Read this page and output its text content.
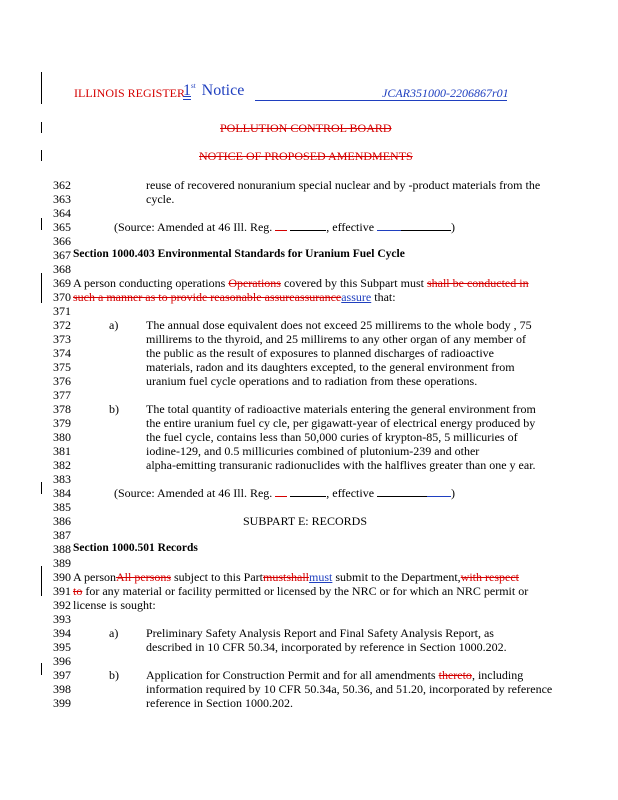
ILLINOIS REGISTER
1st Notice	JCAR351000-2206867r01
POLLUTION CONTROL BOARD
NOTICE OF PROPOSED AMENDMENTS
362	reuse of recovered nonuranium special nuclear and by -product materials from the
363	cycle.
364
365	(Source: Amended at 46 Ill. Reg.	, effective	)
366
367 Section 1000.403 Environmental Standards for Uranium Fuel Cycle
368
369 A person conducting operations Operations covered by this Subpart must shall be conducted in
370 such a manner as to provide reasonable assureassuranceassure that:
371
372	a) The annual dose equivalent does not exceed 25 millirems to the whole body , 75
373	millirems to the thyroid, and 25 millirems to any other organ of any member of
374	the public as the result of exposures to planned discharges of radioactive
375	materials, radon and its daughters excepted, to the general environment from
376	uranium fuel cycle operations and to radiation from these operations.
377
378	b) The total quantity of radioactive materials entering the general environment from
379	the entire uranium fuel cy cle, per gigawatt-year of electrical energy produced by
380	the fuel cycle, contains less than 50,000 curies of krypton-85, 5 millicuries of
381	iodine-129, and 0.5 millicuries combined of plutonium-239 and other
382	alpha-emitting transuranic radionuclides with the halflives greater than one y ear.
383
384	(Source: Amended at 46 Ill. Reg.	, effective	)
385
386	SUBPART E: RECORDS
387
388 Section 1000.501 Records
389
390 A personAll persons subject to this Partmustshallmust submit to the Department,with respect
391 to for any material or facility permitted or licensed by the NRC or for which an NRC permit or
392 license is sought:
393
394	a) Preliminary Safety Analysis Report and Final Safety Analysis Report, as
395	described in 10 CFR 50.34, incorporated by reference in Section 1000.202.
396
397	b) Application for Construction Permit and for all amendments thereto, including
398	information required by 10 CFR 50.34a, 50.36, and 51.20, incorporated by reference
399	reference in Section 1000.202.
